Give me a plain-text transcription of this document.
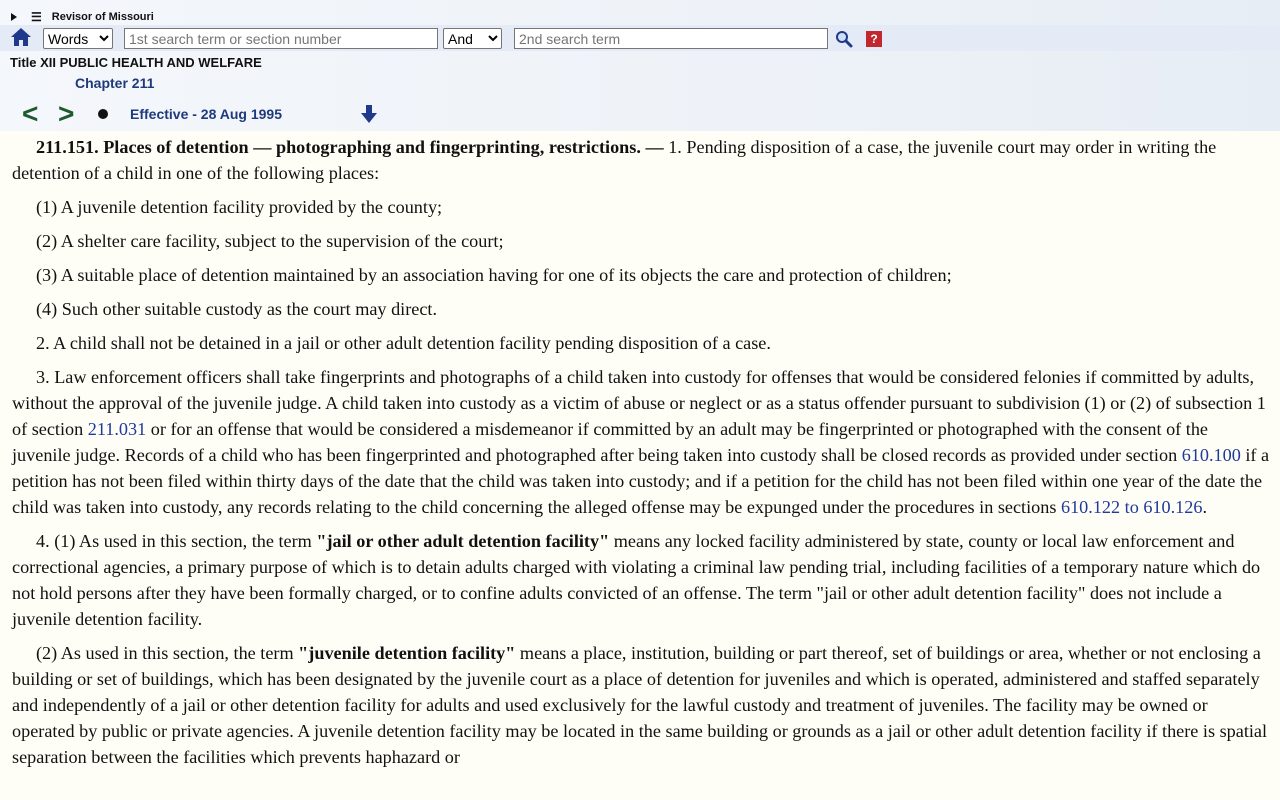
☰ Revisor of Missouri
Words
1st search term or section number
And
2nd search term
?
Title XII PUBLIC HEALTH AND WELFARE
Chapter 211
< >	Effective - 28 Aug 1995

211.151. Places of detention — photographing and fingerprinting, restrictions. — 1. Pending disposition of a case, the juvenile court may order in writing the detention of a child in one of the following places:

(1) A juvenile detention facility provided by the county;

(2) A shelter care facility, subject to the supervision of the court;

(3) A suitable place of detention maintained by an association having for one of its objects the care and protection of children;

(4) Such other suitable custody as the court may direct.

2. A child shall not be detained in a jail or other adult detention facility pending disposition of a case.

3. Law enforcement officers shall take fingerprints and photographs of a child taken into custody for offenses that would be considered felonies if committed by adults, without the approval of the juvenile judge. A child taken into custody as a victim of abuse or neglect or as a status offender pursuant to subdivision (1) or (2) of subsection 1 of section 211.031 or for an offense that would be considered a misdemeanor if committed by an adult may be fingerprinted or photographed with the consent of the juvenile judge. Records of a child who has been fingerprinted and photographed after being taken into custody shall be closed records as provided under section 610.100 if a petition has not been filed within thirty days of the date that the child was taken into custody; and if a petition for the child has not been filed within one year of the date the child was taken into custody, any records relating to the child concerning the alleged offense may be expunged under the procedures in sections 610.122 to 610.126.

4. (1) As used in this section, the term "jail or other adult detention facility" means any locked facility administered by state, county or local law enforcement and correctional agencies, a primary purpose of which is to detain adults charged with violating a criminal law pending trial, including facilities of a temporary nature which do not hold persons after they have been formally charged, or to confine adults convicted of an offense. The term "jail or other adult detention facility" does not include a juvenile detention facility.

(2) As used in this section, the term "juvenile detention facility" means a place, institution, building or part thereof, set of buildings or area, whether or not enclosing a building or set of buildings, which has been designated by the juvenile court as a place of detention for juveniles and which is operated, administered and staffed separately and independently of a jail or other detention facility for adults and used exclusively for the lawful custody and treatment of juveniles. The facility may be owned or operated by public or private agencies. A juvenile detention facility may be located in the same building or grounds as a jail or other adult detention facility if there is spatial separation between the facilities which prevents haphazard or
